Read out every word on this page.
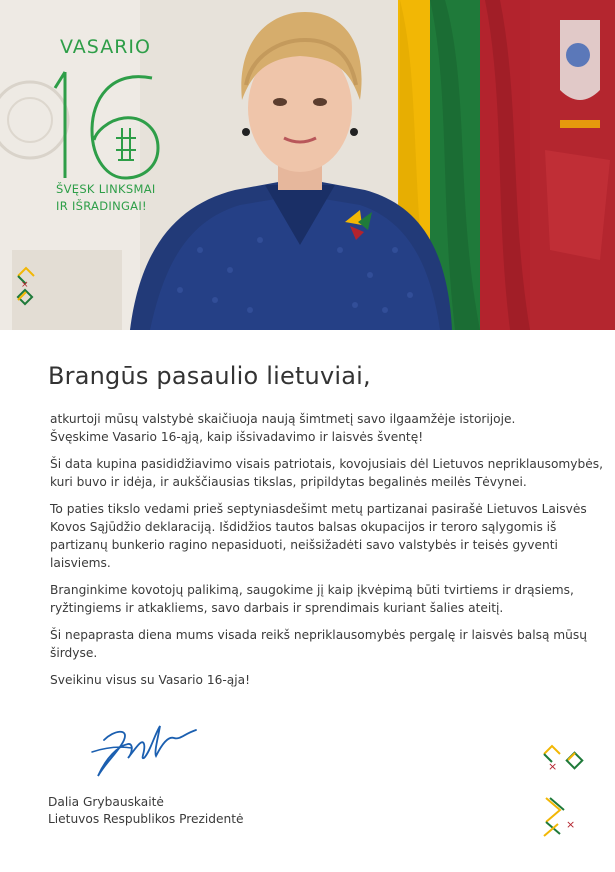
×
VASARIO
ŠVĘSK LINKSMAI
IR IŠRADINGAI!
Brangūs pasaulio lietuviai,

atkurtoji mūsų valstybė skaičiuoja naują šimtmetį savo ilgaamžėje istorijoje.
Švęskime Vasario 16-ąją, kaip išsivadavimo ir laisvės šventę!

Ši data kupina pasididžiavimo visais patriotais, kovojusiais dėl Lietuvos nepriklausomybės,
kuri buvo ir idėja, ir aukščiausias tikslas, pripildytas begalinės meilės Tėvynei.

To paties tikslo vedami prieš septyniasdešimt metų partizanai pasirašė Lietuvos Laisvės
Kovos Sąjūdžio deklaraciją. Išdidžios tautos balsas okupacijos ir teroro sąlygomis iš
partizanų bunkerio ragino nepasiduoti, neišsižadėti savo valstybės ir teisės gyventi
laisviems.

Branginkime kovotojų palikimą, saugokime jį kaip įkvėpimą būti tvirtiems ir drąsiems,
ryžtingiems ir atkakliems, savo darbais ir sprendimais kuriant šalies ateitį.

Ši nepaprasta diena mums visada reikš nepriklausomybės pergalę ir laisvės balsą mūsų
širdyse.

Sveikinu visus su Vasario 16-ąja!

Dalia Grybauskaitė
Lietuvos Respublikos Prezidentė
×
×
